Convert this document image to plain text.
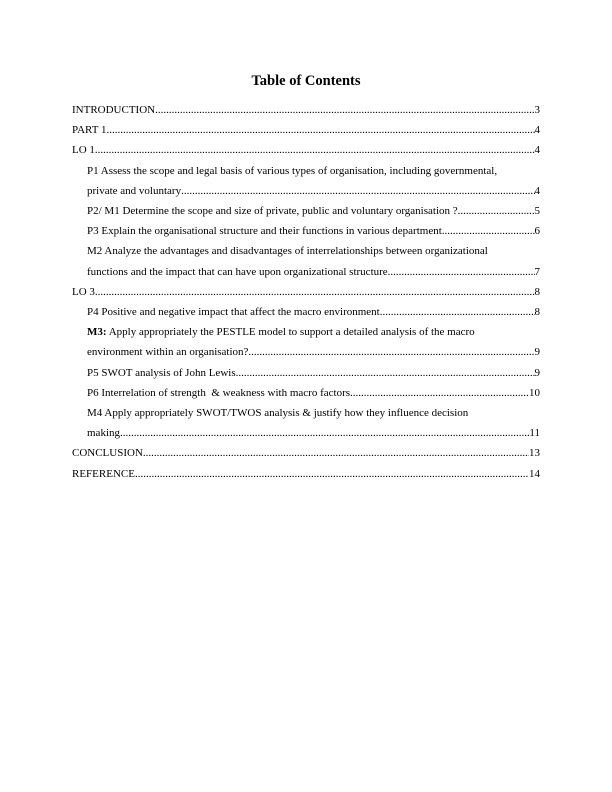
Table of Contents
INTRODUCTION .....	3
PART 1 .....	4
LO 1 .....	4
P1 Assess the scope and legal basis of various types of organisation, including governmental,
private and voluntary .....	4
P2/ M1 Determine the scope and size of private, public and voluntary organisation ? .....	5
P3 Explain the organisational structure and their functions in various department. .....	6
M2 Analyze the advantages and disadvantages of interrelationships between organizational
functions and the impact that can have upon organizational structure. .....	7
LO 3 .....	8
P4 Positive and negative impact that affect the macro environment. .....	8
M3: Apply appropriately the PESTLE model to support a detailed analysis of the macro
environment within an organisation? .....	9
P5 SWOT analysis of John Lewis. .....	9
P6 Interrelation of strength  & weakness with macro factors. .....	10
M4 Apply appropriately SWOT/TWOS analysis & justify how they influence decision
making. .....	11
CONCLUSION .....	13
REFERENCE .....	14
